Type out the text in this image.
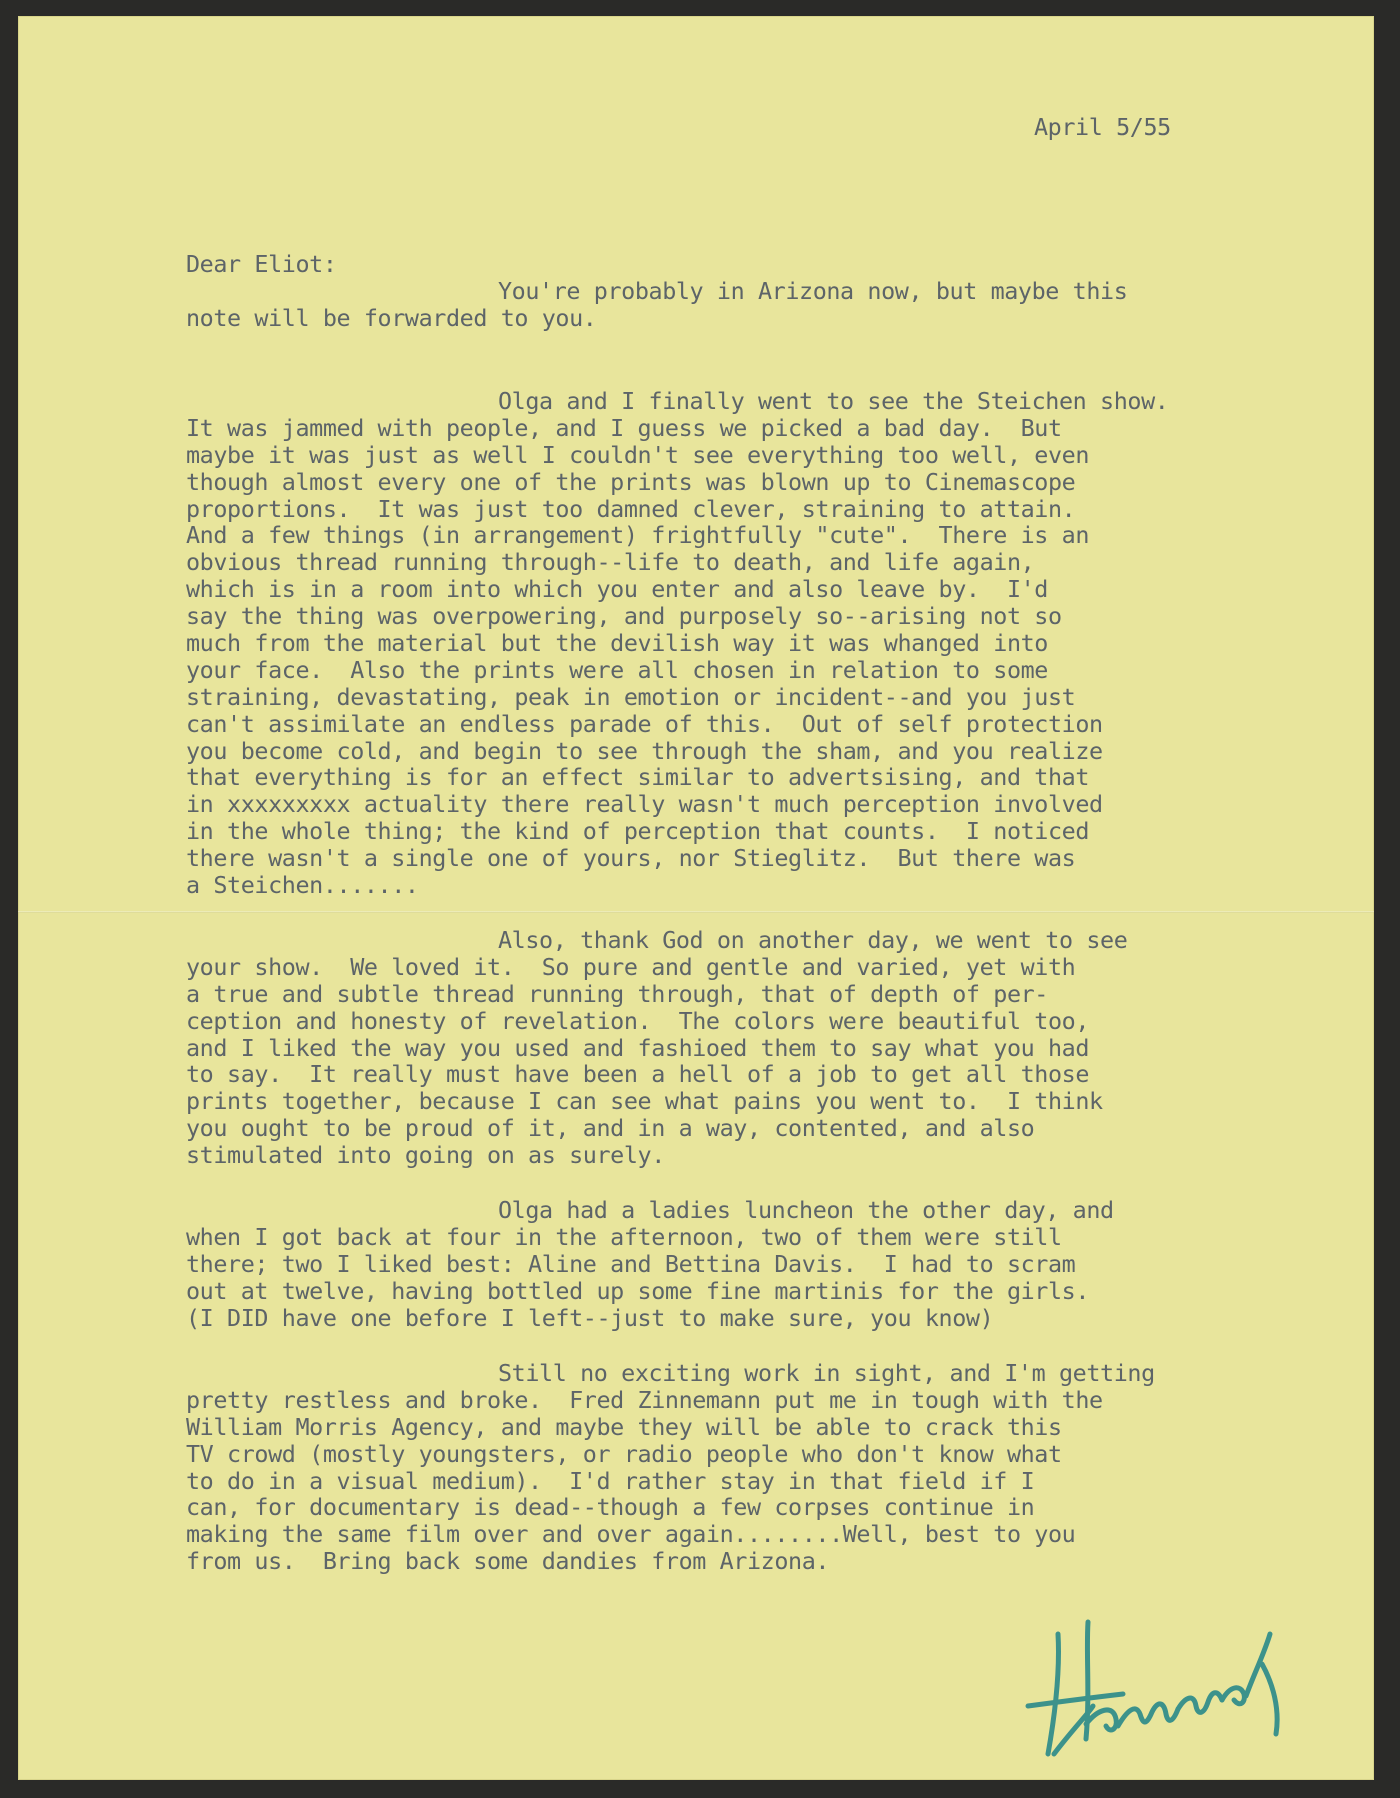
April 5/55
Dear Eliot:
You're probably in Arizona now, but maybe this
note will be forwarded to you.
Olga and I finally went to see the Steichen show.
It was jammed with people, and I guess we picked a bad day.  But
maybe it was just as well I couldn't see everything too well, even
though almost every one of the prints was blown up to Cinemascope
proportions.  It was just too damned clever, straining to attain.
And a few things (in arrangement) frightfully "cute".  There is an
obvious thread running through--life to death, and life again,
which is in a room into which you enter and also leave by.  I'd
say the thing was overpowering, and purposely so--arising not so
much from the material but the devilish way it was whanged into
your face.  Also the prints were all chosen in relation to some
straining, devastating, peak in emotion or incident--and you just
can't assimilate an endless parade of this.  Out of self protection
you become cold, and begin to see through the sham, and you realize
that everything is for an effect similar to advertsising, and that
in xxxxxxxxx actuality there really wasn't much perception involved
in the whole thing; the kind of perception that counts.  I noticed
there wasn't a single one of yours, nor Stieglitz.  But there was
a Steichen.......
Also, thank God on another day, we went to see
your show.  We loved it.  So pure and gentle and varied, yet with
a true and subtle thread running through, that of depth of per-
ception and honesty of revelation.  The colors were beautiful too,
and I liked the way you used and fashioed them to say what you had
to say.  It really must have been a hell of a job to get all those
prints together, because I can see what pains you went to.  I think
you ought to be proud of it, and in a way, contented, and also
stimulated into going on as surely.
Olga had a ladies luncheon the other day, and
when I got back at four in the afternoon, two of them were still
there; two I liked best: Aline and Bettina Davis.  I had to scram
out at twelve, having bottled up some fine martinis for the girls.
(I DID have one before I left--just to make sure, you know)
Still no exciting work in sight, and I'm getting
pretty restless and broke.  Fred Zinnemann put me in tough with the
William Morris Agency, and maybe they will be able to crack this
TV crowd (mostly youngsters, or radio people who don't know what
to do in a visual medium).  I'd rather stay in that field if I
can, for documentary is dead--though a few corpses continue in
making the same film over and over again........Well, best to you
from us.  Bring back some dandies from Arizona.
